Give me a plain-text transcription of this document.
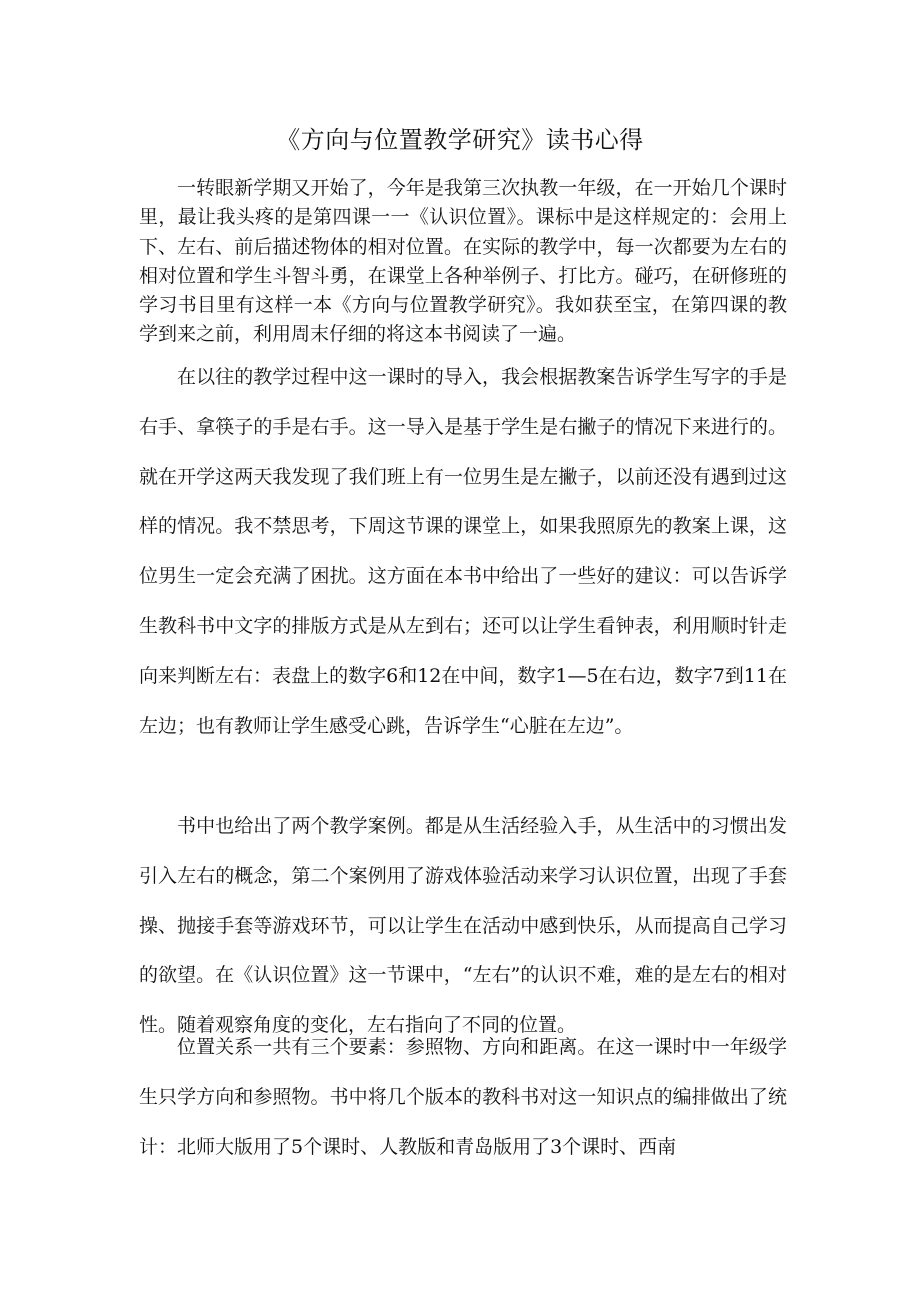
《方向与位置教学研究》读书心得

一转眼新学期又开始了，今年是我第三次执教一年级，在一开始几个课时里，最让我头疼的是第四课一一《认识位置》。课标中是这样规定的：会用上下、左右、前后描述物体的相对位置。在实际的教学中，每一次都要为左右的相对位置和学生斗智斗勇，在课堂上各种举例子、打比方。碰巧，在研修班的学习书目里有这样一本《方向与位置教学研究》。我如获至宝，在第四课的教学到来之前，利用周末仔细的将这本书阅读了一遍。

在以往的教学过程中这一课时的导入，我会根据教案告诉学生写字的手是右手、拿筷子的手是右手。这一导入是基于学生是右撇子的情况下来进行的。就在开学这两天我发现了我们班上有一位男生是左撇子，以前还没有遇到过这样的情况。我不禁思考，下周这节课的课堂上，如果我照原先的教案上课，这位男生一定会充满了困扰。这方面在本书中给出了一些好的建议：可以告诉学生教科书中文字的排版方式是从左到右；还可以让学生看钟表，利用顺时针走向来判断左右：表盘上的数字6和12在中间，数字1—5在右边，数字7到11在左边；也有教师让学生感受心跳，告诉学生“心脏在左边”。

书中也给出了两个教学案例。都是从生活经验入手，从生活中的习惯出发引入左右的概念，第二个案例用了游戏体验活动来学习认识位置，出现了手套操、抛接手套等游戏环节，可以让学生在活动中感到快乐，从而提高自己学习的欲望。在《认识位置》这一节课中，“左右”的认识不难，难的是左右的相对性。随着观察角度的变化，左右指向了不同的位置。

位置关系一共有三个要素：参照物、方向和距离。在这一课时中一年级学生只学方向和参照物。书中将几个版本的教科书对这一知识点的编排做出了统计：北师大版用了5个课时、人教版和青岛版用了3个课时、西南
